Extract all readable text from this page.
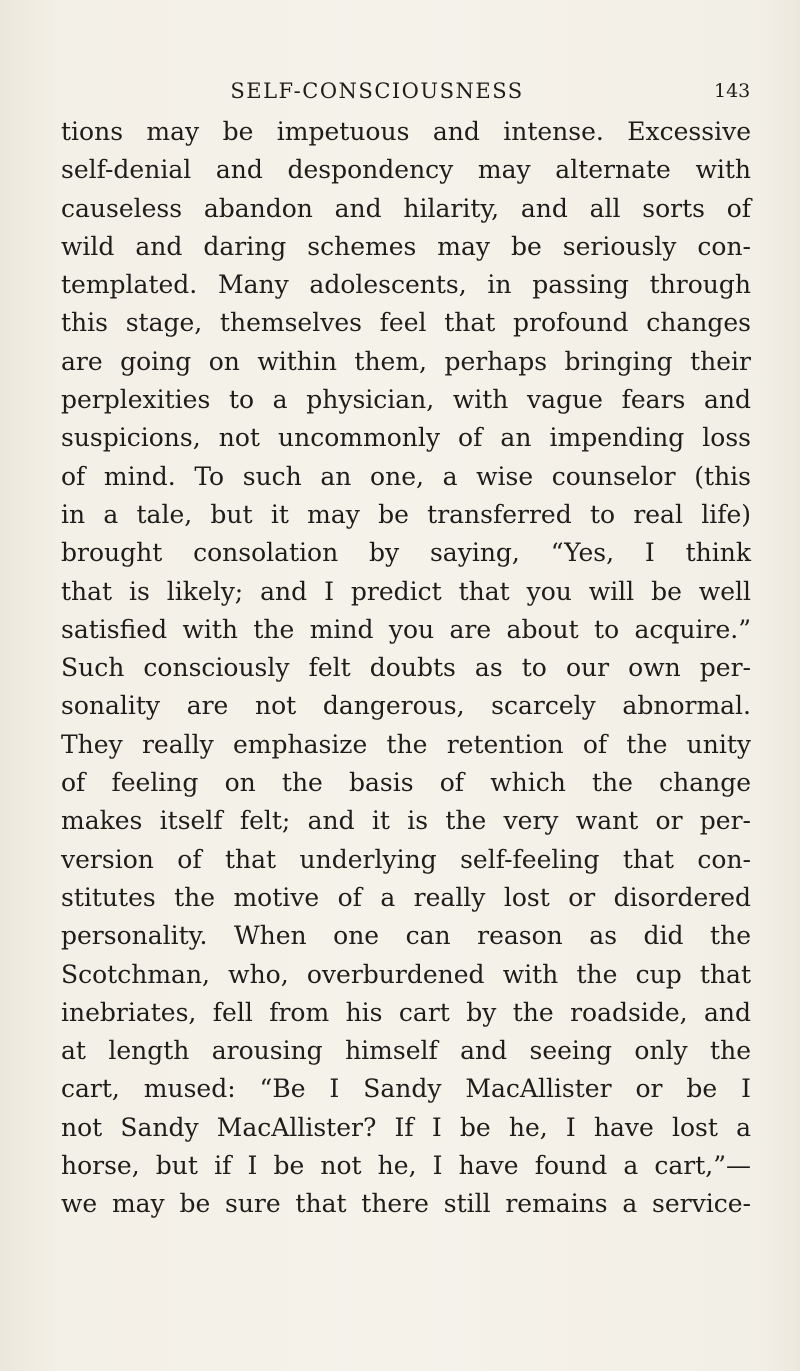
SELF-CONSCIOUSNESS	143
tions may be impetuous and intense. Excessive
self-denial and despondency may alternate with
causeless abandon and hilarity, and all sorts of
wild and daring schemes may be seriously con-
templated. Many adolescents, in passing through
this stage, themselves feel that profound changes
are going on within them, perhaps bringing their
perplexities to a physician, with vague fears and
suspicions, not uncommonly of an impending loss
of mind. To such an one, a wise counselor (this
in a tale, but it may be transferred to real life)
brought consolation by saying, “Yes, I think
that is likely; and I predict that you will be well
satisfied with the mind you are about to acquire.”
Such consciously felt doubts as to our own per-
sonality are not dangerous, scarcely abnormal.
They really emphasize the retention of the unity
of feeling on the basis of which the change
makes itself felt; and it is the very want or per-
version of that underlying self-feeling that con-
stitutes the motive of a really lost or disordered
personality. When one can reason as did the
Scotchman, who, overburdened with the cup that
inebriates, fell from his cart by the roadside, and
at length arousing himself and seeing only the
cart, mused: “Be I Sandy MacAllister or be I
not Sandy MacAllister? If I be he, I have lost a
horse, but if I be not he, I have found a cart,”—
we may be sure that there still remains a service-
